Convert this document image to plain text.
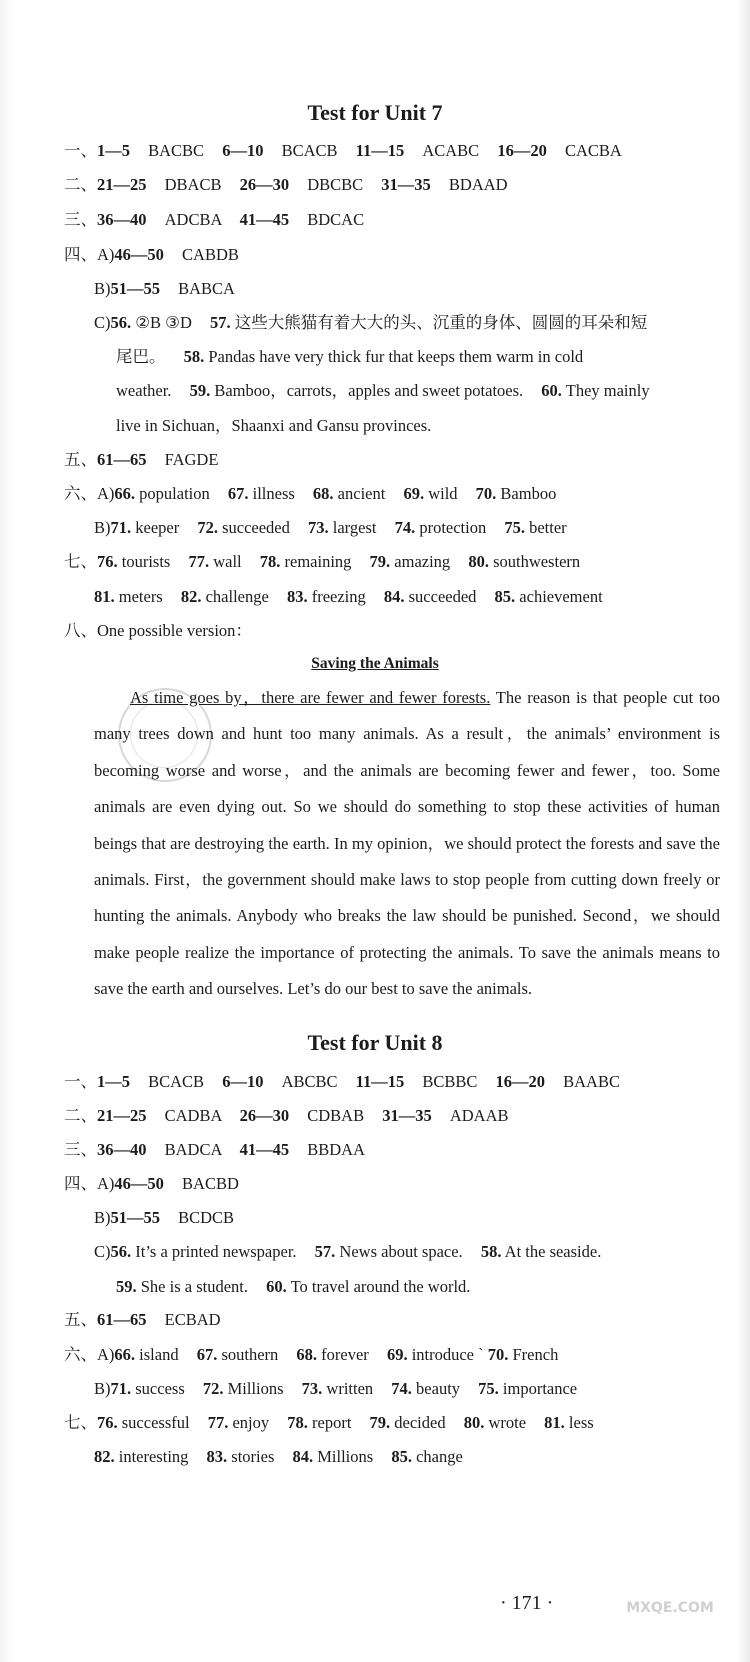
Test for Unit 7
一、1—5 BACBC 6—10 BCACB 11—15 ACABC 16—20 CACBA
二、21—25 DBACB 26—30 DBCBC 31—35 BDAAD
三、36—40 ADCBA 41—45 BDCAC
四、A)46—50 CABDB
B)51—55 BABCA
C)56. ②B ③D 57. 这些大熊猫有着大大的头、沉重的身体、圆圆的耳朵和短
尾巴。 58. Pandas have very thick fur that keeps them warm in cold
weather. 59. Bamboo，carrots，apples and sweet potatoes. 60. They mainly
live in Sichuan，Shaanxi and Gansu provinces.
五、61—65 FAGDE
六、A)66. population 67. illness 68. ancient 69. wild 70. Bamboo
B)71. keeper 72. succeeded 73. largest 74. protection 75. better
七、76. tourists 77. wall 78. remaining 79. amazing 80. southwestern
81. meters 82. challenge 83. freezing 84. succeeded 85. achievement
八、One possible version：
Saving the Animals
As time goes by，there are fewer and fewer forests. The reason is that people cut too many trees down and hunt too many animals. As a result，the animals’ environment is becoming worse and worse，and the animals are becoming fewer and fewer，too. Some animals are even dying out. So we should do something to stop these activities of human beings that are destroying the earth. In my opinion，we should protect the forests and save the animals. First，the government should make laws to stop people from cutting down freely or hunting the animals. Anybody who breaks the law should be punished. Second，we should make people realize the importance of protecting the animals. To save the animals means to save the earth and ourselves. Let’s do our best to save the animals.
Test for Unit 8
一、1—5 BCACB 6—10 ABCBC 11—15 BCBBC 16—20 BAABC
二、21—25 CADBA 26—30 CDBAB 31—35 ADAAB
三、36—40 BADCA 41—45 BBDAA
四、A)46—50 BACBD
B)51—55 BCDCB
C)56. It’s a printed newspaper. 57. News about space. 58. At the seaside.
59. She is a student. 60. To travel around the world.
五、61—65 ECBAD
六、A)66. island 67. southern 68. forever 69. introduce ` 70. French
B)71. success 72. Millions 73. written 74. beauty 75. importance
七、76. successful 77. enjoy 78. report 79. decided 80. wrote 81. less
82. interesting 83. stories 84. Millions 85. change
· 171 ·	MXQE.COM
